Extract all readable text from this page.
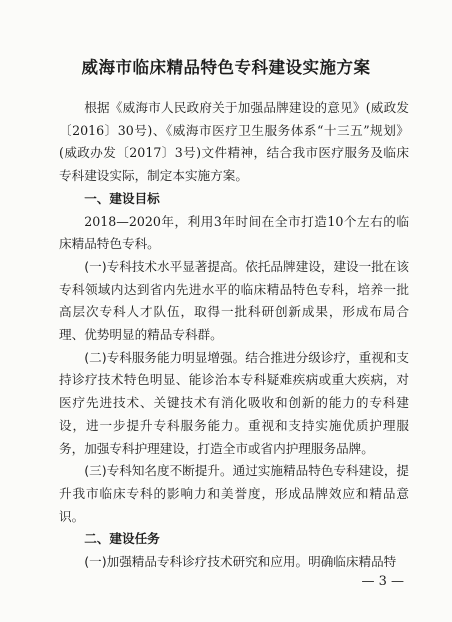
威海市临床精品特色专科建设实施方案

根据《威海市人民政府关于加强品牌建设的意见》(威政发〔2016〕30号)、《威海市医疗卫生服务体系“十三五”规划》(威政办发〔2017〕3号)文件精神，结合我市医疗服务及临床专科建设实际，制定本实施方案。

一、建设目标

2018—2020年，利用3年时间在全市打造10个左右的临床精品特色专科。

(一)专科技术水平显著提高。依托品牌建设，建设一批在该专科领域内达到省内先进水平的临床精品特色专科，培养一批高层次专科人才队伍，取得一批科研创新成果，形成布局合理、优势明显的精品专科群。

(二)专科服务能力明显增强。结合推进分级诊疗，重视和支持诊疗技术特色明显、能诊治本专科疑难疾病或重大疾病，对医疗先进技术、关键技术有消化吸收和创新的能力的专科建设，进一步提升专科服务能力。重视和支持实施优质护理服务，加强专科护理建设，打造全市或省内护理服务品牌。

(三)专科知名度不断提升。通过实施精品特色专科建设，提升我市临床专科的影响力和美誉度，形成品牌效应和精品意识。

二、建设任务

(一)加强精品专科诊疗技术研究和应用。明确临床精品特

— 3 —
